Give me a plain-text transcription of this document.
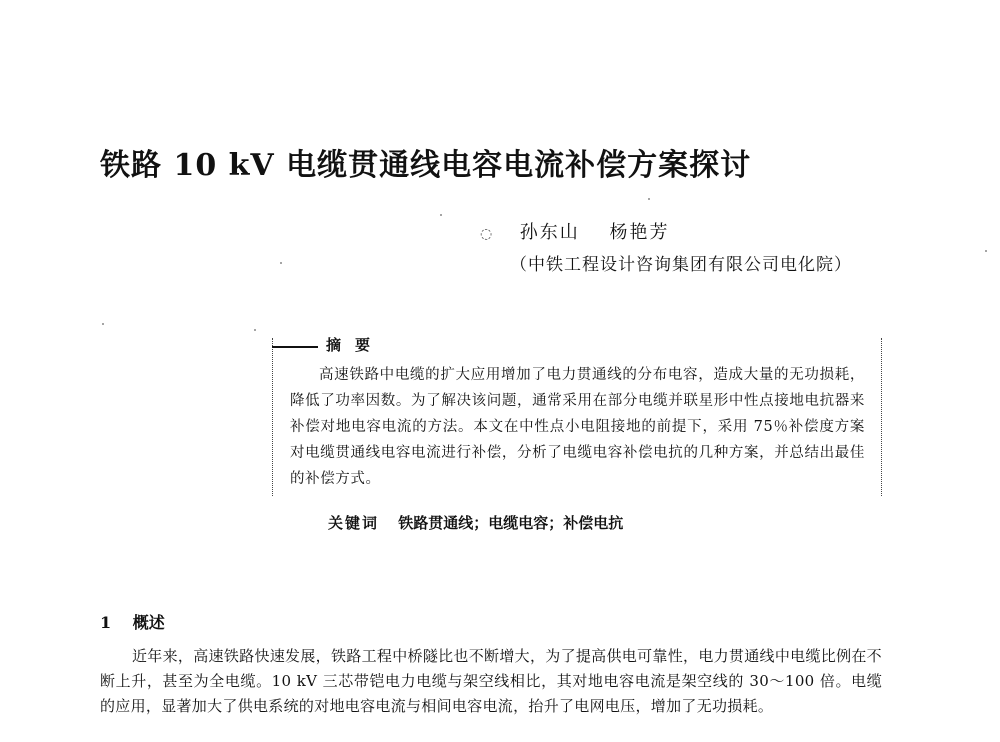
铁路 10 kV 电缆贯通线电容电流补偿方案探讨
◌ 孙东山 杨艳芳
（中铁工程设计咨询集团有限公司电化院）
摘要
高速铁路中电缆的扩大应用增加了电力贯通线的分布电容，造成大量的无功损耗，降低了功率因数。为了解决该问题，通常采用在部分电缆并联星形中性点接地电抗器来补偿对地电容电流的方法。本文在中性点小电阻接地的前提下，采用 75％补偿度方案对电缆贯通线电容电流进行补偿，分析了电缆电容补偿电抗的几种方案，并总结出最佳的补偿方式。
关键词 铁路贯通线；电缆电容；补偿电抗
1 概述
近年来，高速铁路快速发展，铁路工程中桥隧比也不断增大，为了提高供电可靠性，电力贯通线中电缆比例在不断上升，甚至为全电缆。10 kV 三芯带铠电力电缆与架空线相比，其对地电容电流是架空线的 30～100 倍。电缆的应用，显著加大了供电系统的对地电容电流与相间电容电流，抬升了电网电压，增加了无功损耗。
